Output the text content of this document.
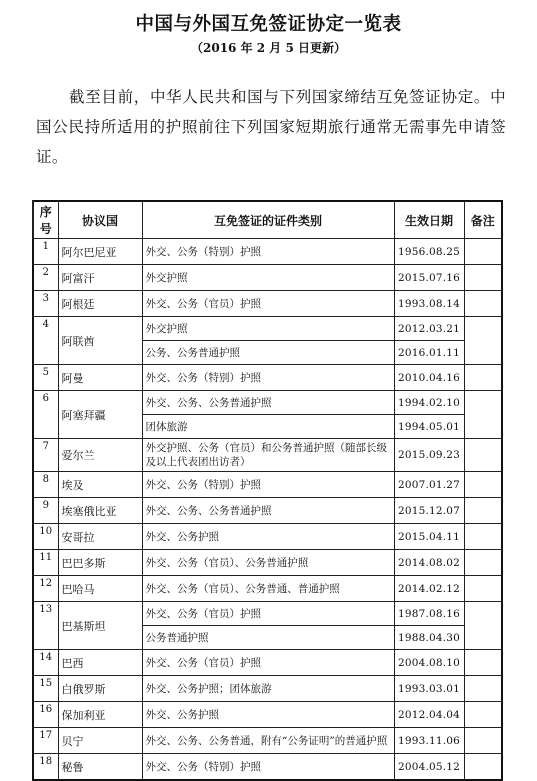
中国与外国互免签证协定一览表
（2016 年 2 月 5 日更新）

截至目前，中华人民共和国与下列国家缔结互免签证协定。中国公民持所适用的护照前往下列国家短期旅行通常无需事先申请签证。

序号	协议国	互免签证的证件类别	生效日期	备注
1	阿尔巴尼亚	外交、公务（特别）护照	1956.08.25	
2	阿富汗	外交护照	2015.07.16	
3	阿根廷	外交、公务（官员）护照	1993.08.14	
4	阿联酋	外交护照	2012.03.21	
		公务、公务普通护照	2016.01.11	
5	阿曼	外交、公务（特别）护照	2010.04.16	
6	阿塞拜疆	外交、公务、公务普通护照	1994.02.10	
		团体旅游	1994.05.01	
7	爱尔兰	外交护照、公务（官员）和公务普通护照（随部长级及以上代表团出访者）	2015.09.23	
8	埃及	外交、公务（特别）护照	2007.01.27	
9	埃塞俄比亚	外交、公务、公务普通护照	2015.12.07	
10	安哥拉	外交、公务护照	2015.04.11	
11	巴巴多斯	外交、公务（官员）、公务普通护照	2014.08.02	
12	巴哈马	外交、公务（官员）、公务普通、普通护照	2014.02.12	
13	巴基斯坦	外交、公务（官员）护照	1987.08.16	
		公务普通护照	1988.04.30	
14	巴西	外交、公务（官员）护照	2004.08.10	
15	白俄罗斯	外交、公务护照；团体旅游	1993.03.01	
16	保加利亚	外交、公务护照	2012.04.04	
17	贝宁	外交、公务、公务普通，附有“公务证明”的普通护照	1993.11.06	
18	秘鲁	外交、公务（特别）护照	2004.05.12	
